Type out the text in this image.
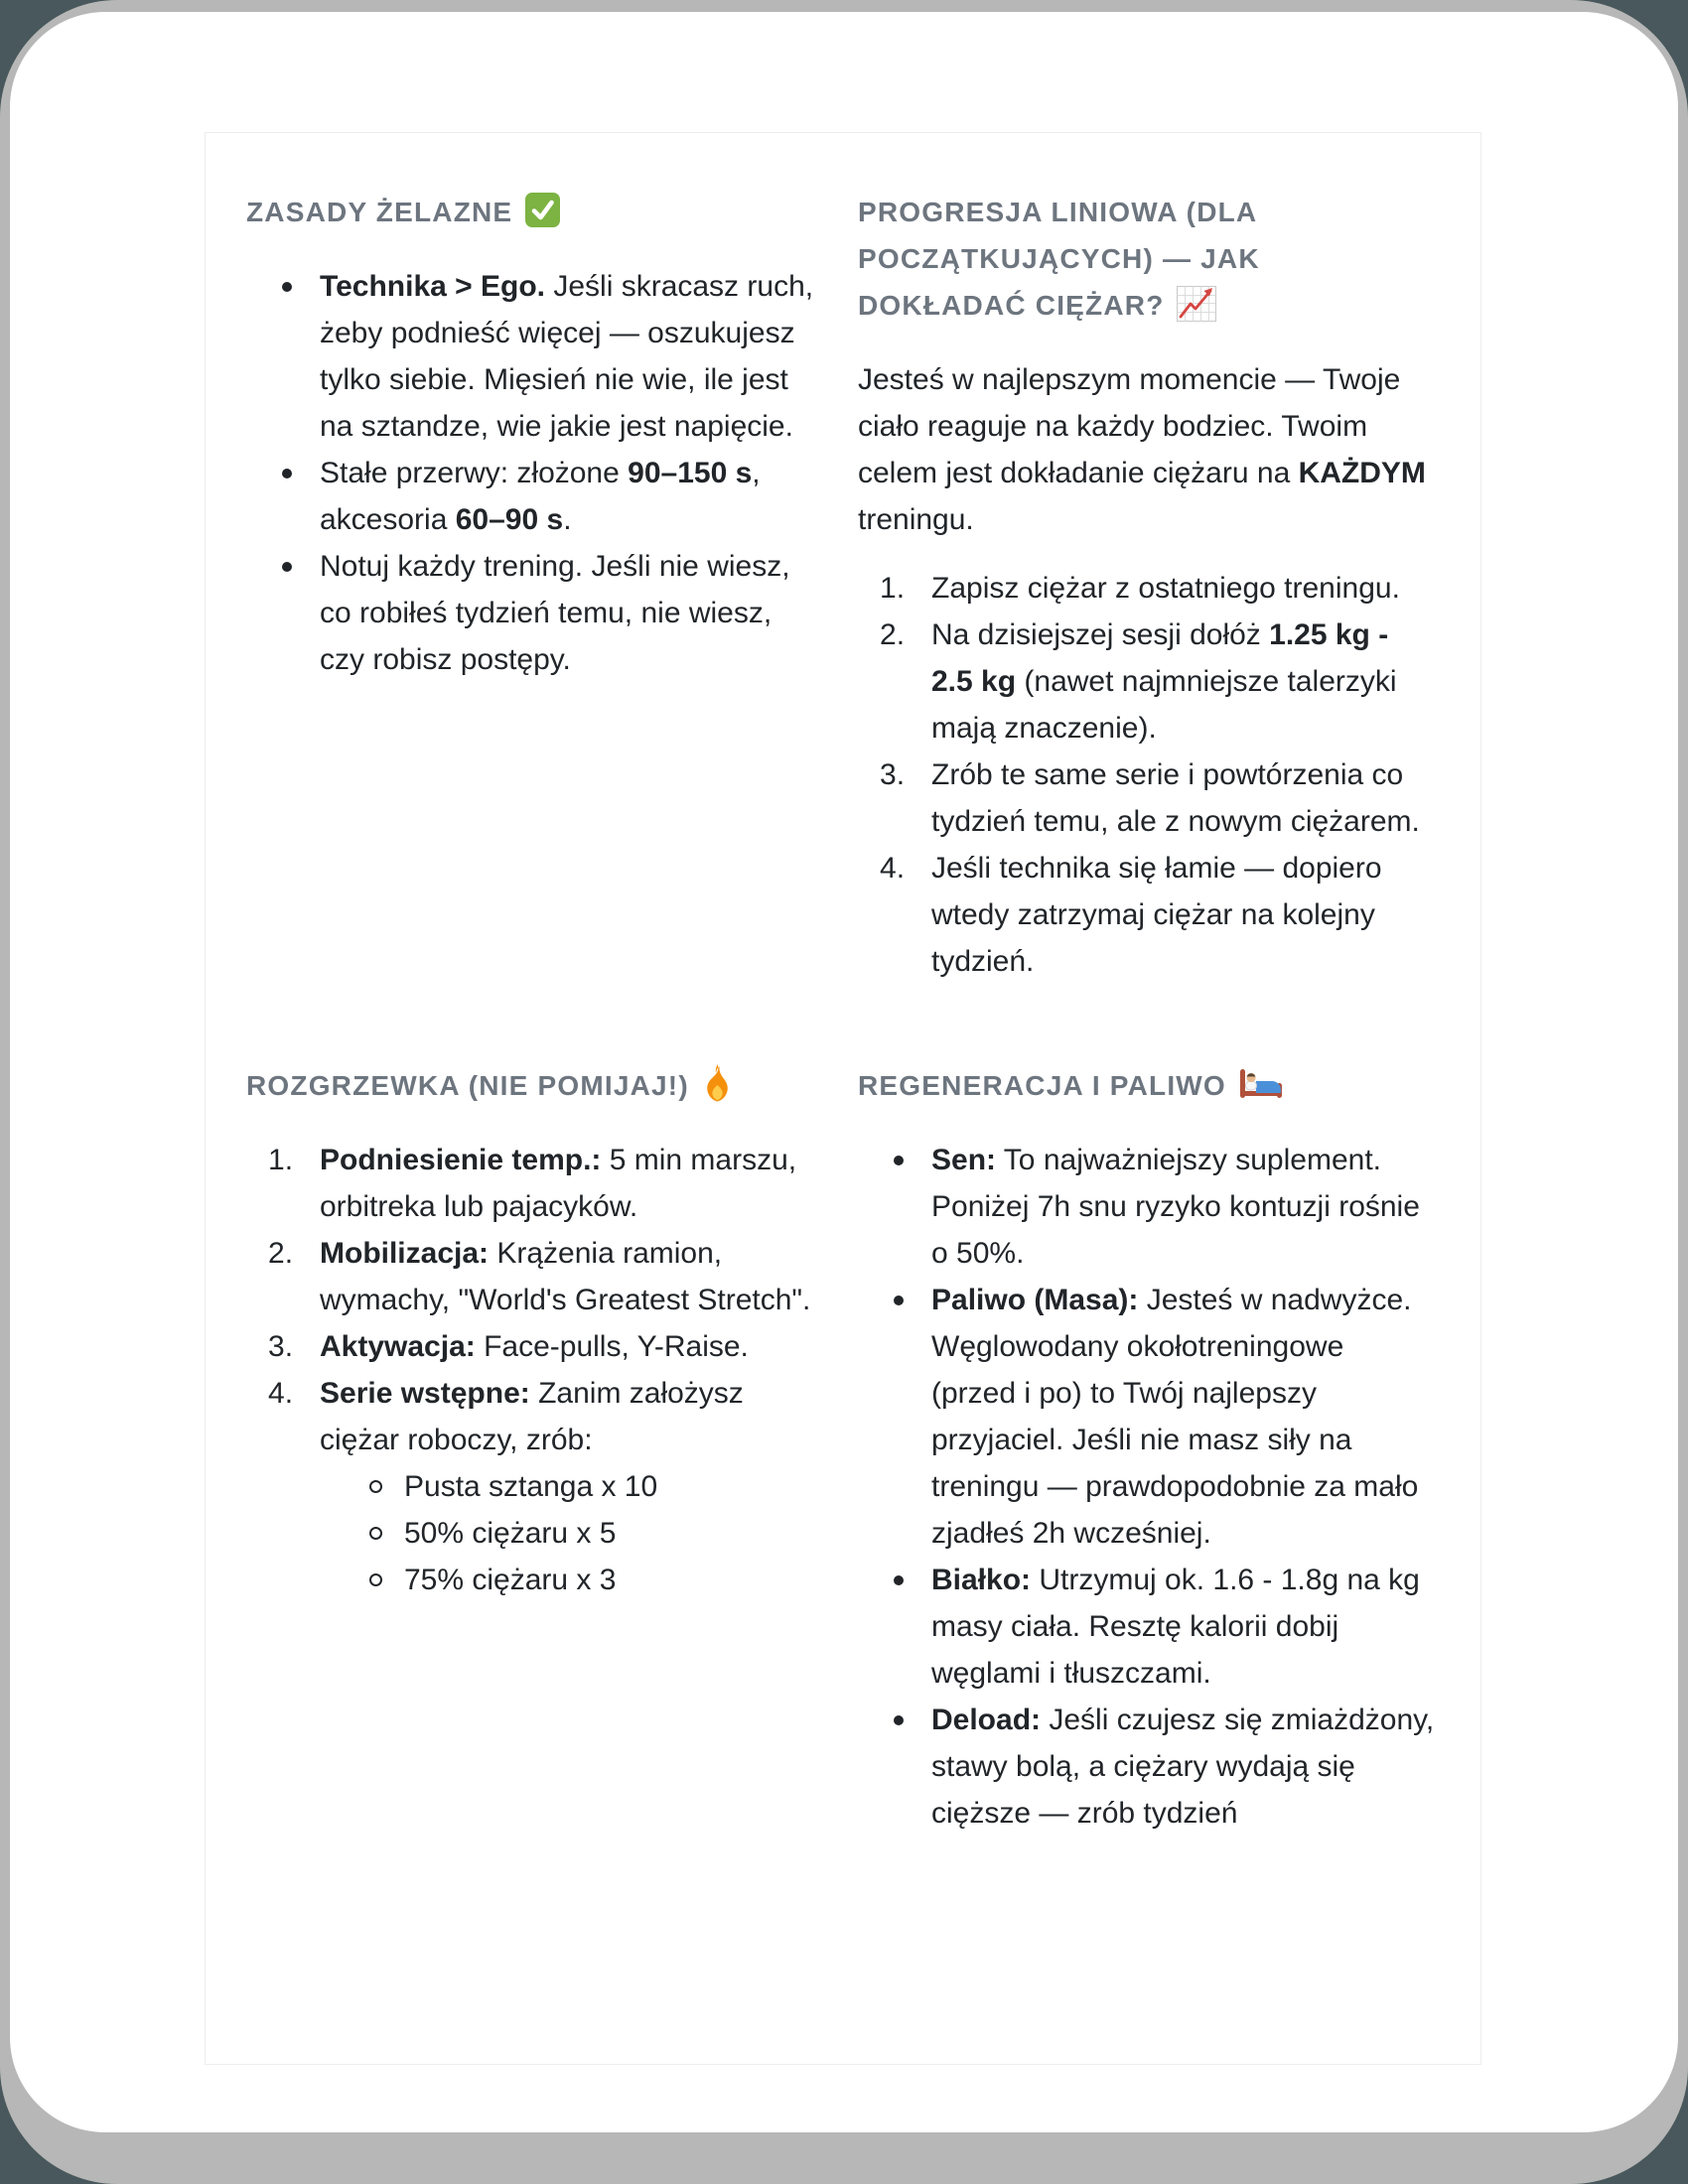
ZASADY ŻELAZNE
Technika > Ego. Jeśli skracasz ruch, żeby podnieść więcej — oszukujesz tylko siebie. Mięsień nie wie, ile jest na sztandze, wie jakie jest napięcie.
Stałe przerwy: złożone 90–150 s, akcesoria 60–90 s.
Notuj każdy trening. Jeśli nie wiesz, co robiłeś tydzień temu, nie wiesz, czy robisz postępy.
PROGRESJA LINIOWA (DLA POCZĄTKUJĄCYCH) — JAK DOKŁADAĆ CIĘŻAR?

Jesteś w najlepszym momencie — Twoje ciało reaguje na każdy bodziec. Twoim celem jest dokładanie ciężaru na KAŻDYM treningu.

Zapisz ciężar z ostatniego treningu.
Na dzisiejszej sesji dołóż 1.25 kg - 2.5 kg (nawet najmniejsze talerzyki mają znaczenie).
Zrób te same serie i powtórzenia co tydzień temu, ale z nowym ciężarem.
Jeśli technika się łamie — dopiero wtedy zatrzymaj ciężar na kolejny tydzień.
ROZGRZEWKA (NIE POMIJAJ!)
Podniesienie temp.: 5 min marszu, orbitreka lub pajacyków.
Mobilizacja: Krążenia ramion, wymachy, "World's Greatest Stretch".
Aktywacja: Face-pulls, Y-Raise.
Serie wstępne: Zanim założysz ciężar roboczy, zrób:
Pusta sztanga x 10
50% ciężaru x 5
75% ciężaru x 3
REGENERACJA I PALIWO
Sen: To najważniejszy suplement. Poniżej 7h snu ryzyko kontuzji rośnie o 50%.
Paliwo (Masa): Jesteś w nadwyżce. Węglowodany okołotreningowe (przed i po) to Twój najlepszy przyjaciel. Jeśli nie masz siły na treningu — prawdopodobnie za mało zjadłeś 2h wcześniej.
Białko: Utrzymuj ok. 1.6 - 1.8g na kg masy ciała. Resztę kalorii dobij węglami i tłuszczami.
Deload: Jeśli czujesz się zmiażdżony, stawy bolą, a ciężary wydają się cięższe — zrób tydzień
